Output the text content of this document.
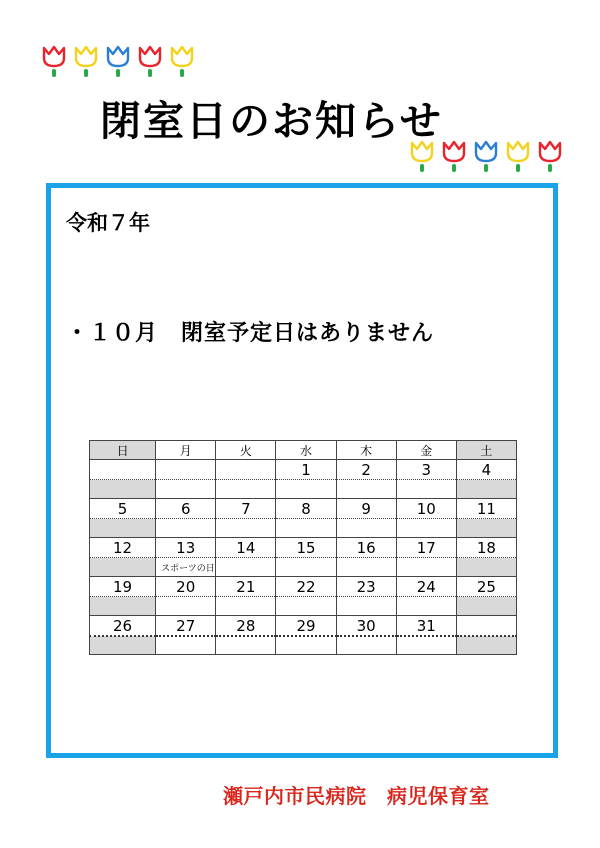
閉室日のお知らせ
令和７年
・１０月　閉室予定日はありません
日	月	火	水	木	金	土
			1	2	3	4

5	6	7	8	9	10	11

12	13	14	15	16	17	18
	スポーツの日					
19	20	21	22	23	24	25

26	27	28	29	30	31	

瀬戸内市民病院　病児保育室
